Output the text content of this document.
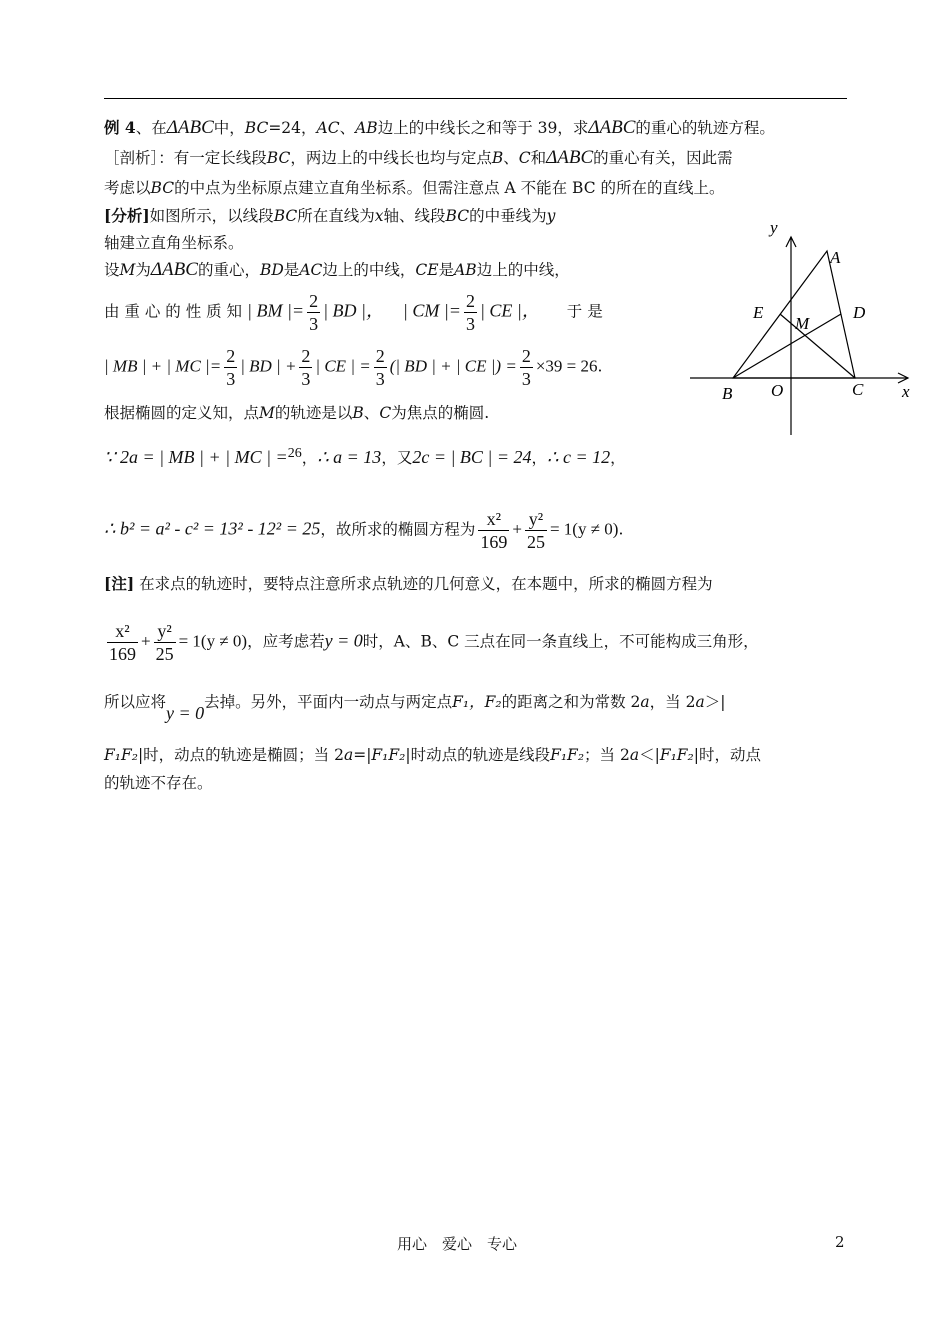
例 4、在ΔABC中，BC=24，AC、AB边上的中线长之和等于 39，求ΔABC的重心的轨迹方程。
［剖析］：有一定长线段BC，两边上的中线长也均与定点B、C和ΔABC的重心有关，因此需
考虑以BC的中点为坐标原点建立直角坐标系。但需注意点 A 不能在 BC 的所在的直线上。
[分析]如图所示，以线段BC所在直线为x轴、线段BC的中垂线为y
轴建立直角坐标系。
设M为ΔABC的重心，BD是AC边上的中线，CE是AB边上的中线，
由 重 心 的 性 质 知 | BM |= $\frac{2}{3}$ | BD |， | CM |= $\frac{2}{3}$ | CE |， 于 是
| MB | + | MC |= $\frac{2}{3}$ | BD | + $\frac{2}{3}$ | CE | = $\frac{2}{3}$ (| BD | + | CE |) = $\frac{2}{3} \times 39 = 26$.
根据椭圆的定义知，点M的轨迹是以B、C为焦点的椭圆.
∵ 2a = | MB | + | MC | =$^{26}$，∴ a = 13，又2c = | BC | = 24，∴ c = 12，
∴ b² = a² - c² = 13² - 12² = 25，故所求的椭圆方程为 $\frac{\text{x²}}{169} + \frac{\text{y²}}{25} = 1(y \ne 0)$.
[注] 在求点的轨迹时，要特点注意所求点轨迹的几何意义，在本题中，所求的椭圆方程为
$\frac{\text{x²}}{169} + \frac{\text{y²}}{25} = 1(y \ne 0)$，应考虑若y = 0时，A、B、C 三点在同一条直线上，不可能构成三角形，
所以应将y = 0去掉。另外，平面内一动点与两定点F₁，F₂的距离之和为常数 2a，当 2a＞|
F₁F₂|时，动点的轨迹是椭圆；当 2a=|F₁F₂|时动点的轨迹是线段F₁F₂；当 2a＜|F₁F₂|时，动点
的轨迹不存在。
y
x
A
B	C
D
E
M
O
用心　爱心　专心	2
